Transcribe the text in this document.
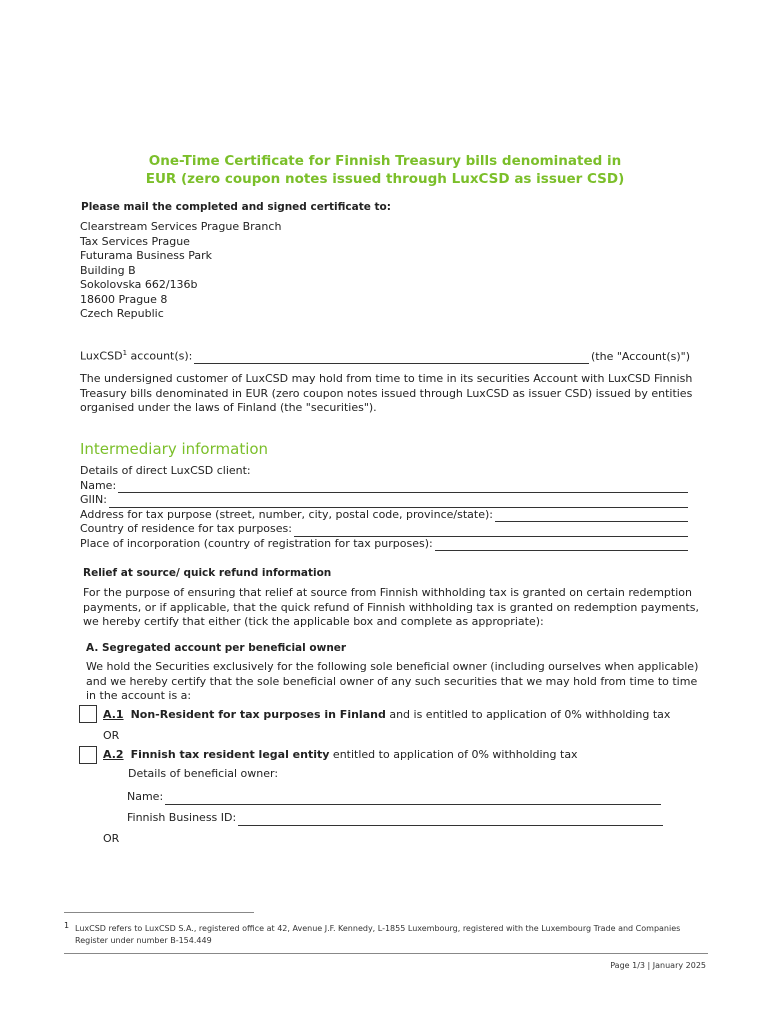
One-Time Certificate for Finnish Treasury bills denominated in
EUR (zero coupon notes issued through LuxCSD as issuer CSD)
Please mail the completed and signed certificate to:
Clearstream Services Prague Branch
Tax Services Prague
Futurama Business Park
Building B
Sokolovska 662/136b
18600 Prague 8
Czech Republic
LuxCSD$^1$ account(s):	(the "Account(s)")
The undersigned customer of LuxCSD may hold from time to time in its securities Account with LuxCSD Finnish
Treasury bills denominated in EUR (zero coupon notes issued through LuxCSD as issuer CSD) issued by entities
organised under the laws of Finland (the "securities").
Intermediary information
Details of direct LuxCSD client:
Name:
GIIN:
Address for tax purpose (street, number, city, postal code, province/state):
Country of residence for tax purposes:
Place of incorporation (country of registration for tax purposes):
Relief at source/ quick refund information
For the purpose of ensuring that relief at source from Finnish withholding tax is granted on certain redemption
payments, or if applicable, that the quick refund of Finnish withholding tax is granted on redemption payments,
we hereby certify that either (tick the applicable box and complete as appropriate):
A. Segregated account per beneficial owner
We hold the Securities exclusively for the following sole beneficial owner (including ourselves when applicable)
and we hereby certify that the sole beneficial owner of any such securities that we may hold from time to time
in the account is a:
A.1 Non-Resident for tax purposes in Finland and is entitled to application of 0% withholding tax
OR
A.2 Finnish tax resident legal entity entitled to application of 0% withholding tax
Details of beneficial owner:
Name:
Finnish Business ID:
OR
1 LuxCSD refers to LuxCSD S.A., registered office at 42, Avenue J.F. Kennedy, L-1855 Luxembourg, registered with the Luxembourg Trade and Companies
Register under number B-154.449
Page 1/3 | January 2025
